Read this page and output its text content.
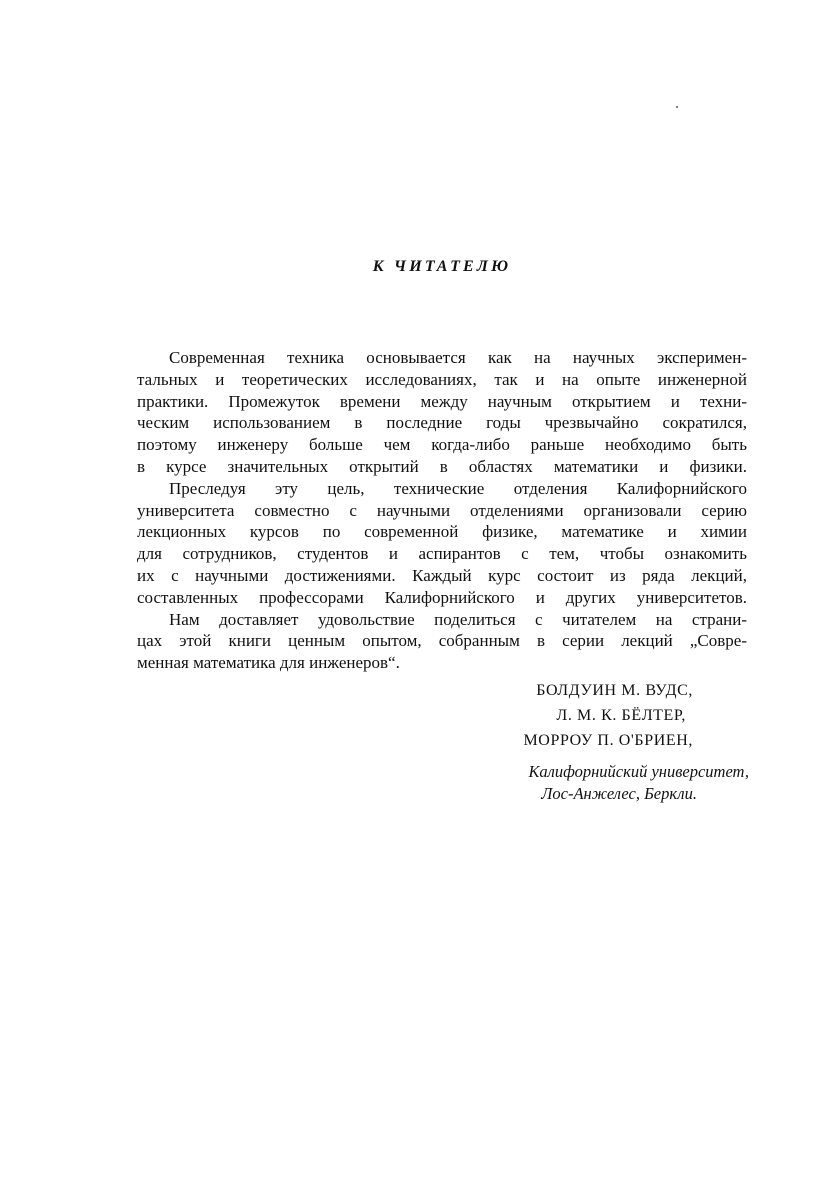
К ЧИТАТЕЛЮ
Современная техника основывается как на научных эксперимен-
тальных и теоретических исследованиях, так и на опыте инженерной
практики. Промежуток времени между научным открытием и техни-
ческим использованием в последние годы чрезвычайно сократился,
поэтому инженеру больше чем когда-либо раньше необходимо быть
в курсе значительных открытий в областях математики и физики.
Преследуя эту цель, технические отделения Калифорнийского
университета совместно с научными отделениями организовали серию
лекционных курсов по современной физике, математике и химии
для сотрудников, студентов и аспирантов с тем, чтобы ознакомить
их с научными достижениями. Каждый курс состоит из ряда лекций,
составленных профессорами Калифорнийского и других университетов.
Нам доставляет удовольствие поделиться с читателем на страни-
цах этой книги ценным опытом, собранным в серии лекций „Совре-
менная математика для инженеров“.
БОЛДУИН М. ВУДС,
Л. М. К. БЁЛТЕР,
МОРРОУ П. О'БРИЕН,
Калифорнийский университет,
Лос-Анжелес, Беркли.
